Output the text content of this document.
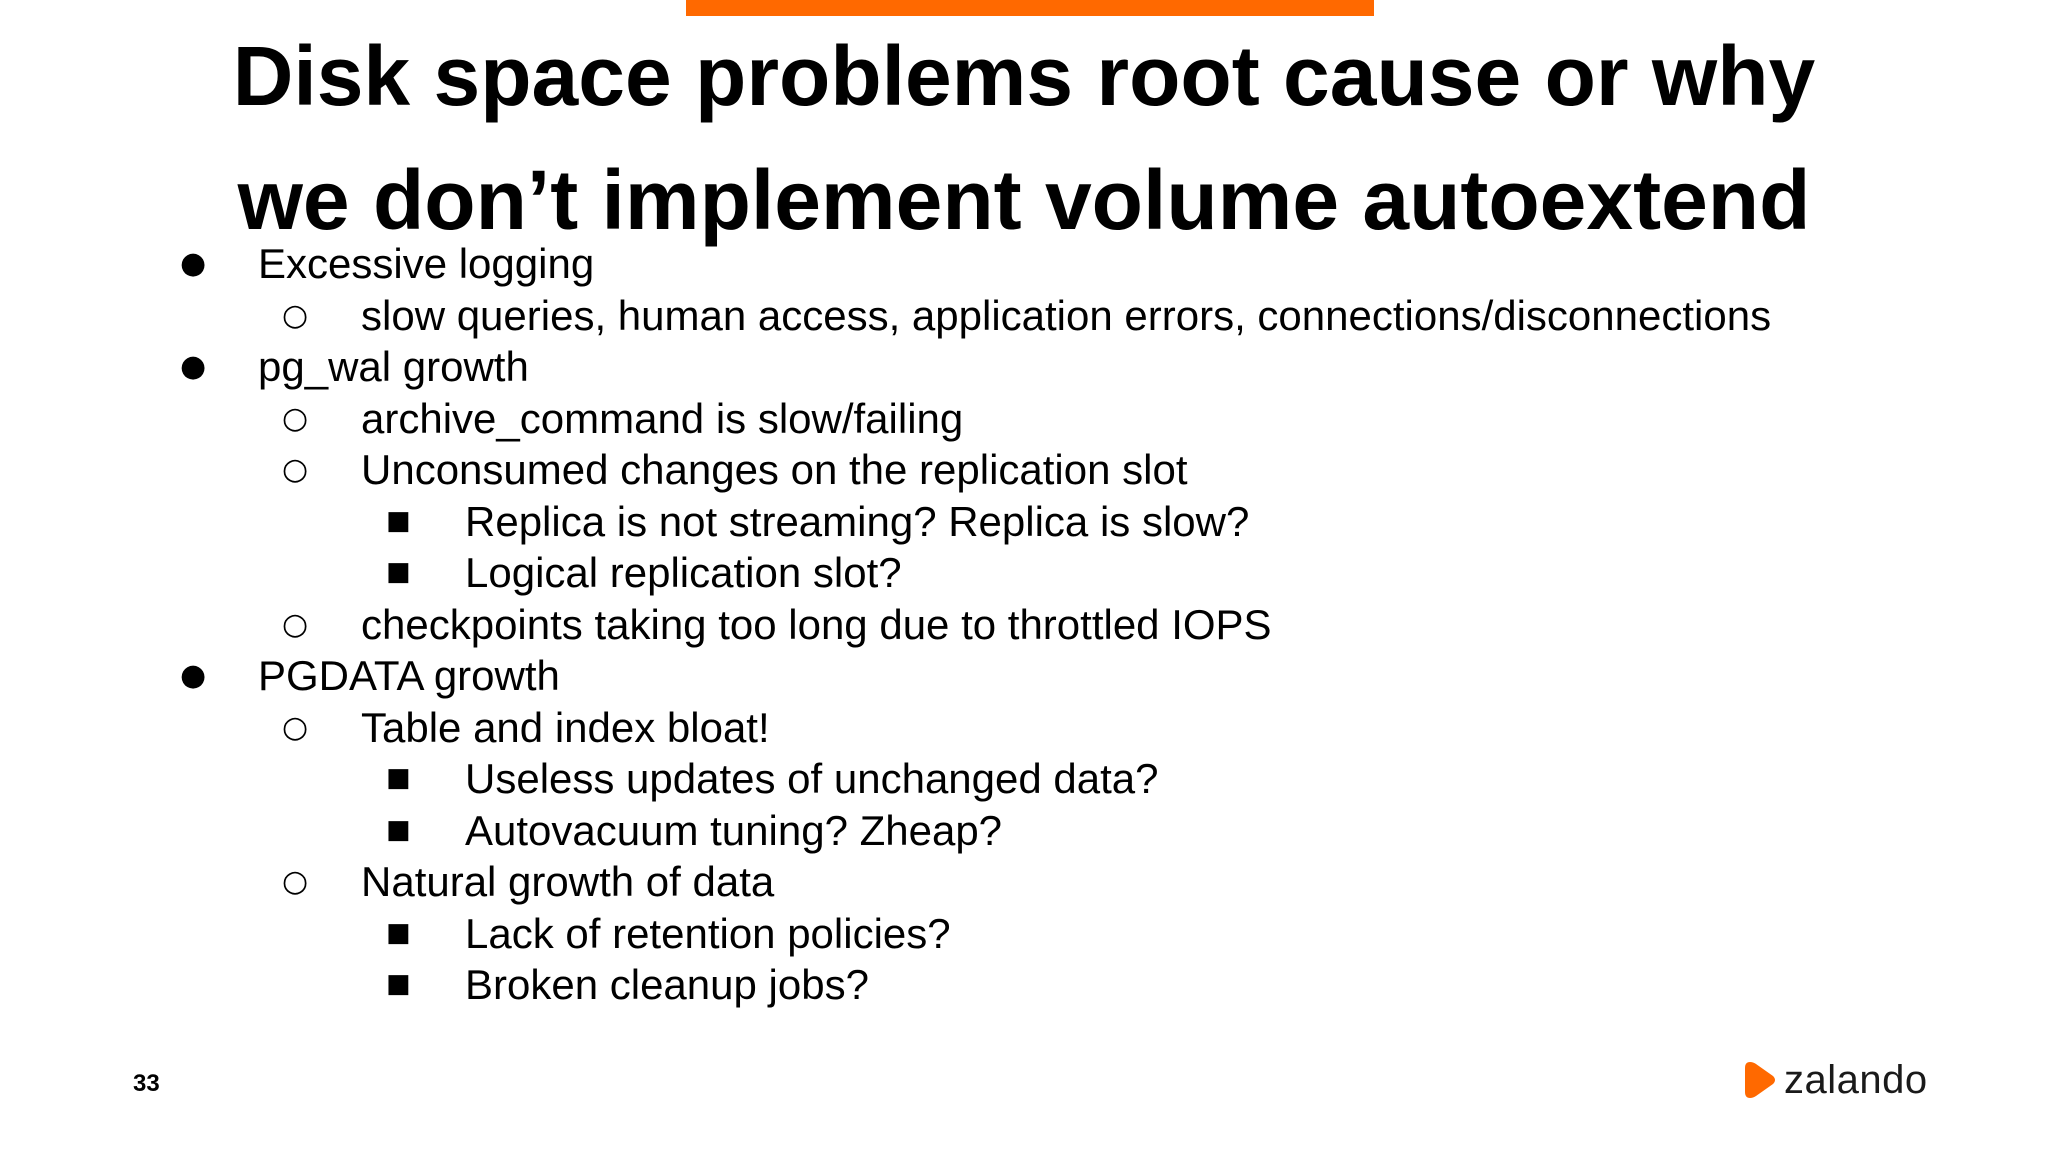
Disk space problems root cause or why
we don’t implement volume autoextend
● Excessive logging
○ slow queries, human access, application errors, connections/disconnections
● pg_wal growth
○ archive_command is slow/failing
○ Unconsumed changes on the replication slot
■ Replica is not streaming? Replica is slow?
■ Logical replication slot?
○ checkpoints taking too long due to throttled IOPS
● PGDATA growth
○ Table and index bloat!
■ Useless updates of unchanged data?
■ Autovacuum tuning? Zheap?
○ Natural growth of data
■ Lack of retention policies?
■ Broken cleanup jobs?
33	zalando
